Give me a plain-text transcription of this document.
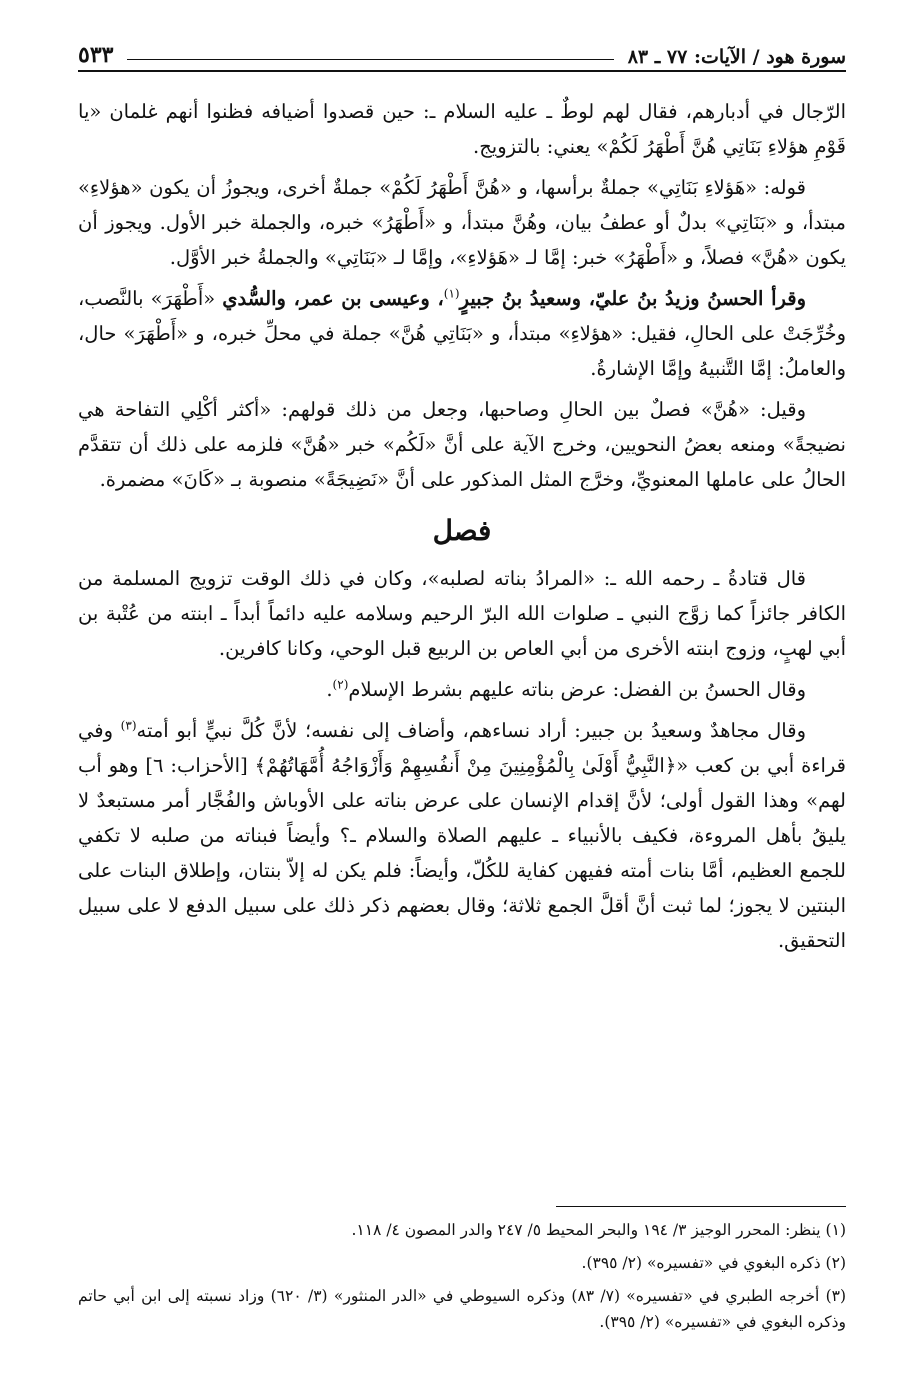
سورة هود / الآيات: ٧٧ ـ ٨٣
٥٣٣

الرّجال في أدبارهم، فقال لهم لوطٌ ـ عليه السلام ـ: حين قصدوا أضيافه فظنوا أنهم غلمان «يا قَوْمِ هؤلاءِ بَنَاتِي هُنَّ أَطْهَرُ لَكُمْ» يعني: بالتزويج.

قوله: «هَؤلاءِ بَنَاتِي» جملةٌ برأسها، و «هُنَّ أَطْهَرُ لَكُمْ» جملةٌ أخرى، ويجوزُ أن يكون «هؤلاءِ» مبتدأ، و «بَنَاتِي» بدلٌ أو عطفُ بيان، وهُنَّ مبتدأ، و «أَطْهَرُ» خبره، والجملة خبر الأول. ويجوز أن يكون «هُنَّ» فصلاً، و «أَطْهَرُ» خبر: إمَّا لـ «هَؤلاءِ»، وإمَّا لـ «بَنَاتِي» والجملةُ خبر الأوَّل.

وقرأ الحسنُ وزيدُ بنُ عليّ، وسعيدُ بنُ جبيرٍ$^{(١)}$، وعيسى بن عمر، والسُّدي «أَطْهَرَ» بالنَّصب، وخُرِّجَتْ على الحالِ، فقيل: «هؤلاءِ» مبتدأ، و «بَنَاتِي هُنَّ» جملة في محلِّ خبره، و «أَطْهَرَ» حال، والعاملُ: إمَّا التَّنبيهُ وإمَّا الإشارةُ.

وقيل: «هُنَّ» فصلٌ بين الحالِ وصاحبها، وجعل من ذلك قولهم: «أكثر أكْلِي التفاحة هي نضيجةً» ومنعه بعضُ النحويين، وخرج الآية على أنَّ «لَكُم» خبر «هُنَّ» فلزمه على ذلك أن تتقدَّم الحالُ على عاملها المعنويِّ، وخرَّج المثل المذكور على أنَّ «نَضِيجَةً» منصوبة بـ «كَانَ» مضمرة.

فصل

قال قتادةُ ـ رحمه الله ـ: «المرادُ بناته لصلبه»، وكان في ذلك الوقت تزويج المسلمة من الكافر جائزاً كما زوَّج النبي ـ صلوات الله البرّ الرحيم وسلامه عليه دائماً أبداً ـ ابنته من عُتْبة بن أبي لهبٍ، وزوج ابنته الأخرى من أبي العاص بن الربيع قبل الوحي، وكانا كافرين.

وقال الحسنُ بن الفضل: عرض بناته عليهم بشرط الإسلام$^{(٢)}$.

وقال مجاهدٌ وسعيدُ بن جبير: أراد نساءهم، وأضاف إلى نفسه؛ لأنَّ كُلَّ نبيٍّ أبو أمته$^{(٣)}$ وفي قراءة أبي بن كعب «﴿النَّبِيُّ أَوْلَىٰ بِالْمُؤْمِنِينَ مِنْ أَنفُسِهِمْ وَأَزْوَاجُهُ أُمَّهَاتُهُمْ﴾ [الأحزاب: ٦] وهو أب لهم» وهذا القول أولى؛ لأنَّ إقدام الإنسان على عرض بناته على الأوباش والفُجَّار أمر مستبعدٌ لا يليقُ بأهل المروءة، فكيف بالأنبياء ـ عليهم الصلاة والسلام ـ؟ وأيضاً فبناته من صلبه لا تكفي للجمع العظيم، أمَّا بنات أمته ففيهن كفاية للكُلّ، وأيضاً: فلم يكن له إلاّ بنتان، وإطلاق البنات على البنتين لا يجوز؛ لما ثبت أنَّ أقلَّ الجمع ثلاثة؛ وقال بعضهم ذكر ذلك على سبيل الدفع لا على سبيل التحقيق.

(١) ينظر: المحرر الوجيز ٣/ ١٩٤ والبحر المحيط ٥/ ٢٤٧ والدر المصون ٤/ ١١٨.

(٢) ذكره البغوي في «تفسيره» (٢/ ٣٩٥).

(٣) أخرجه الطبري في «تفسيره» (٧/ ٨٣) وذكره السيوطي في «الدر المنثور» (٣/ ٦٢٠) وزاد نسبته إلى ابن أبي حاتم وذكره البغوي في «تفسيره» (٢/ ٣٩٥).
